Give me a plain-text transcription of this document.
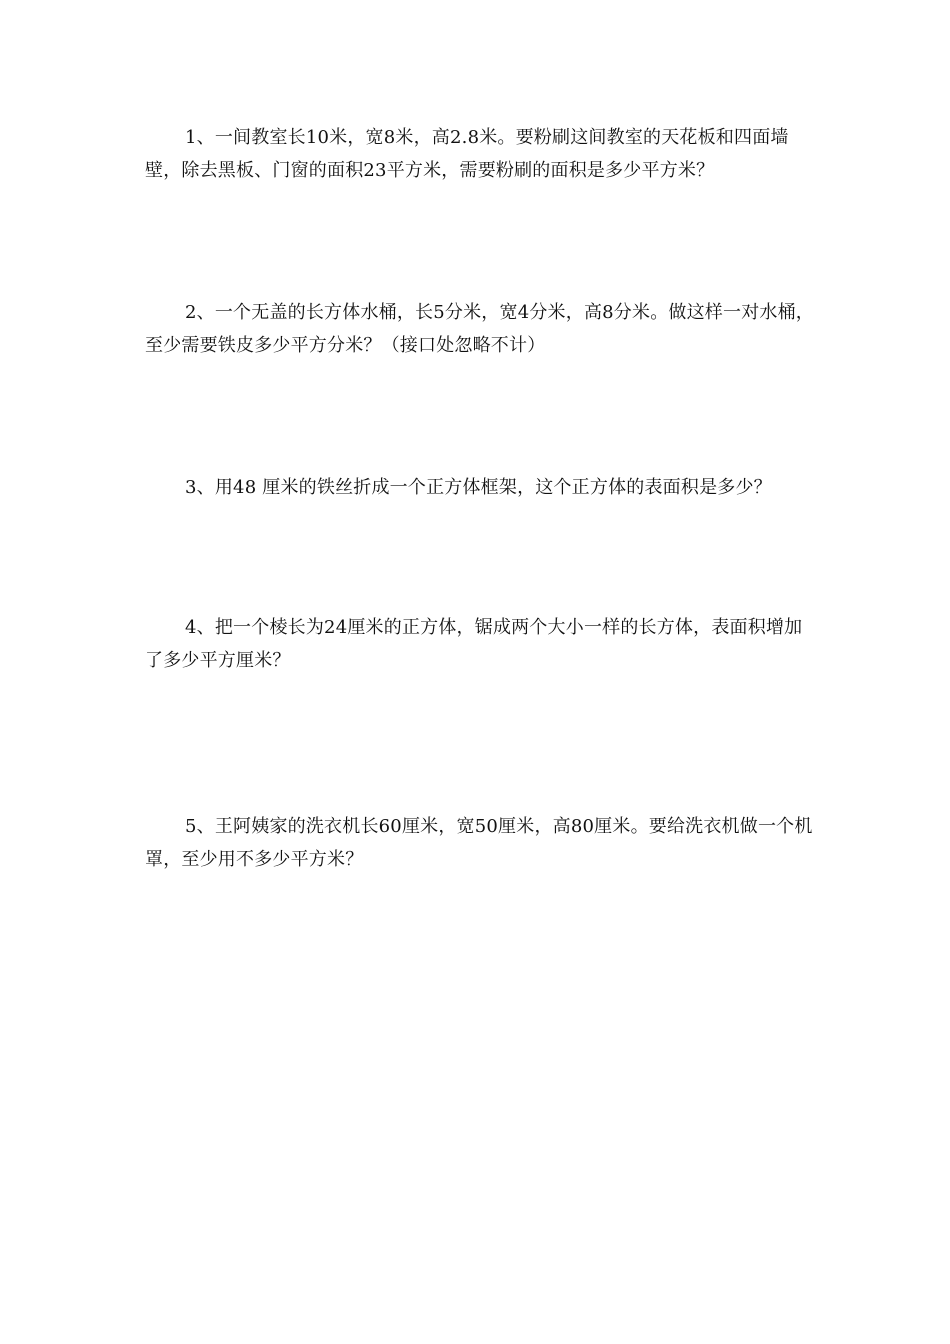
1、一间教室长10米，宽8米，高2.8米。要粉刷这间教室的天花板和四面墙壁，除去黑板、门窗的面积23平方米，需要粉刷的面积是多少平方米？

2、一个无盖的长方体水桶，长5分米，宽4分米，高8分米。做这样一对水桶，至少需要铁皮多少平方分米？（接口处忽略不计）

3、用48 厘米的铁丝折成一个正方体框架，这个正方体的表面积是多少？

4、把一个棱长为24厘米的正方体，锯成两个大小一样的长方体，表面积增加了多少平方厘米？

5、王阿姨家的洗衣机长60厘米，宽50厘米，高80厘米。要给洗衣机做一个机罩，至少用不多少平方米？
